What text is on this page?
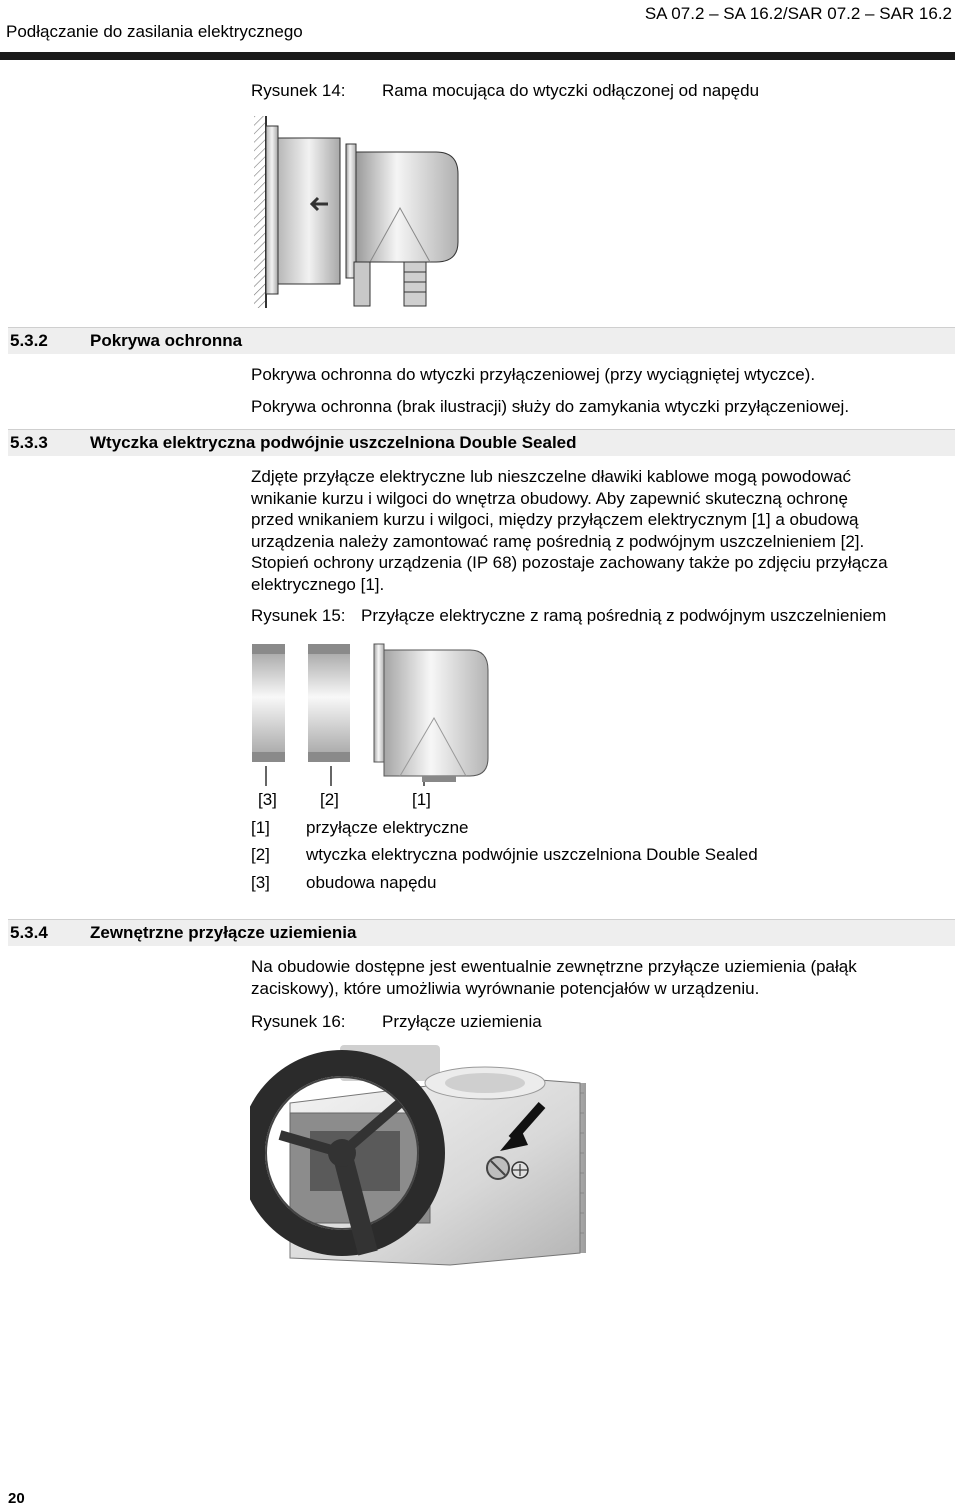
Podłączanie do zasilania elektrycznego
SA 07.2 – SA 16.2/SAR 07.2 – SAR 16.2
Rysunek 14: Rama mocująca do wtyczki odłączonej od napędu
5.3.2 Pokrywa ochronna
Pokrywa ochronna do wtyczki przyłączeniowej (przy wyciągniętej wtyczce).
Pokrywa ochronna (brak ilustracji) służy do zamykania wtyczki przyłączeniowej.
5.3.3 Wtyczka elektryczna podwójnie uszczelniona Double Sealed
Zdjęte przyłącze elektryczne lub nieszczelne dławiki kablowe mogą powodować
wnikanie kurzu i wilgoci do wnętrza obudowy. Aby zapewnić skuteczną ochronę
przed wnikaniem kurzu i wilgoci, między przyłączem elektrycznym [1] a obudową
urządzenia należy zamontować ramę pośrednią z podwójnym uszczelnieniem [2].
Stopień ochrony urządzenia (IP 68) pozostaje zachowany także po zdjęciu przyłącza
elektrycznego [1].
Rysunek 15: Przyłącze elektryczne z ramą pośrednią z podwójnym uszczelnieniem
[3]	[2]	[1]
[1] przyłącze elektryczne
[2] wtyczka elektryczna podwójnie uszczelniona Double Sealed
[3] obudowa napędu
5.3.4 Zewnętrzne przyłącze uziemienia
Na obudowie dostępne jest ewentualnie zewnętrzne przyłącze uziemienia (pałąk
zaciskowy), które umożliwia wyrównanie potencjałów w urządzeniu.
Rysunek 16: Przyłącze uziemienia
20
